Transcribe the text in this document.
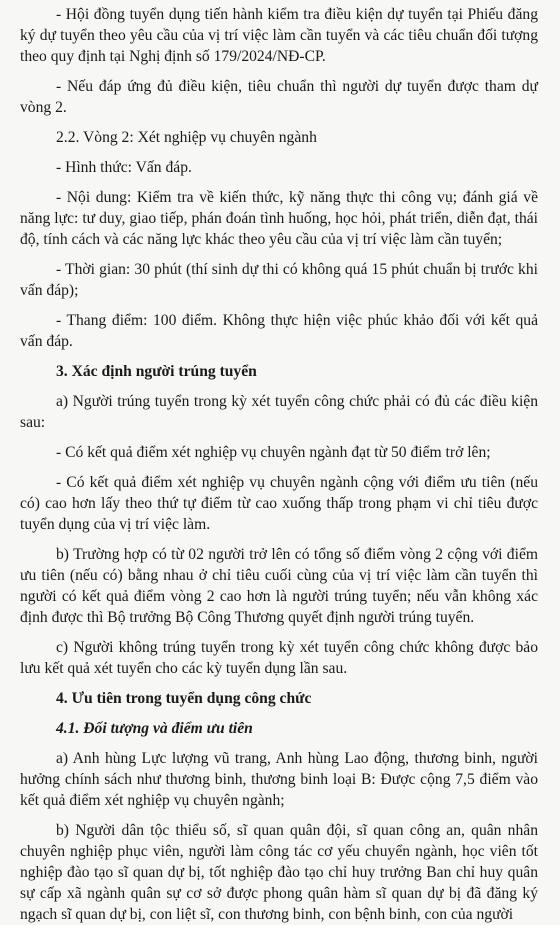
- Hội đồng tuyển dụng tiến hành kiểm tra điều kiện dự tuyển tại Phiếu đăng ký dự tuyển theo yêu cầu của vị trí việc làm cần tuyển và các tiêu chuẩn đối tượng theo quy định tại Nghị định số 179/2024/NĐ-CP.

- Nếu đáp ứng đủ điều kiện, tiêu chuẩn thì người dự tuyển được tham dự vòng 2.

2.2. Vòng 2: Xét nghiệp vụ chuyên ngành

- Hình thức: Vấn đáp.

- Nội dung: Kiểm tra về kiến thức, kỹ năng thực thi công vụ; đánh giá về năng lực: tư duy, giao tiếp, phán đoán tình huống, học hỏi, phát triển, diễn đạt, thái độ, tính cách và các năng lực khác theo yêu cầu của vị trí việc làm cần tuyển;

- Thời gian: 30 phút (thí sinh dự thi có không quá 15 phút chuẩn bị trước khi vấn đáp);

- Thang điểm: 100 điểm. Không thực hiện việc phúc khảo đối với kết quả vấn đáp.

3. Xác định người trúng tuyển

a) Người trúng tuyển trong kỳ xét tuyển công chức phải có đủ các điều kiện sau:

- Có kết quả điểm xét nghiệp vụ chuyên ngành đạt từ 50 điểm trở lên;

- Có kết quả điểm xét nghiệp vụ chuyên ngành cộng với điểm ưu tiên (nếu có) cao hơn lấy theo thứ tự điểm từ cao xuống thấp trong phạm vi chỉ tiêu được tuyển dụng của vị trí việc làm.

b) Trường hợp có từ 02 người trở lên có tổng số điểm vòng 2 cộng với điểm ưu tiên (nếu có) bằng nhau ở chỉ tiêu cuối cùng của vị trí việc làm cần tuyển thì người có kết quả điểm vòng 2 cao hơn là người trúng tuyển; nếu vẫn không xác định được thì Bộ trưởng Bộ Công Thương quyết định người trúng tuyển.

c) Người không trúng tuyển trong kỳ xét tuyển công chức không được bảo lưu kết quả xét tuyển cho các kỳ tuyển dụng lần sau.

4. Ưu tiên trong tuyển dụng công chức
4.1. Đối tượng và điểm ưu tiên

a) Anh hùng Lực lượng vũ trang, Anh hùng Lao động, thương binh, người hưởng chính sách như thương binh, thương binh loại B: Được cộng 7,5 điểm vào kết quả điểm xét nghiệp vụ chuyên ngành;

b) Người dân tộc thiểu số, sĩ quan quân đội, sĩ quan công an, quân nhân chuyên nghiệp phục viên, người làm công tác cơ yếu chuyển ngành, học viên tốt nghiệp đào tạo sĩ quan dự bị, tốt nghiệp đào tạo chỉ huy trưởng Ban chỉ huy quân sự cấp xã ngành quân sự cơ sở được phong quân hàm sĩ quan dự bị đã đăng ký ngạch sĩ quan dự bị, con liệt sĩ, con thương binh, con bệnh binh, con của người
